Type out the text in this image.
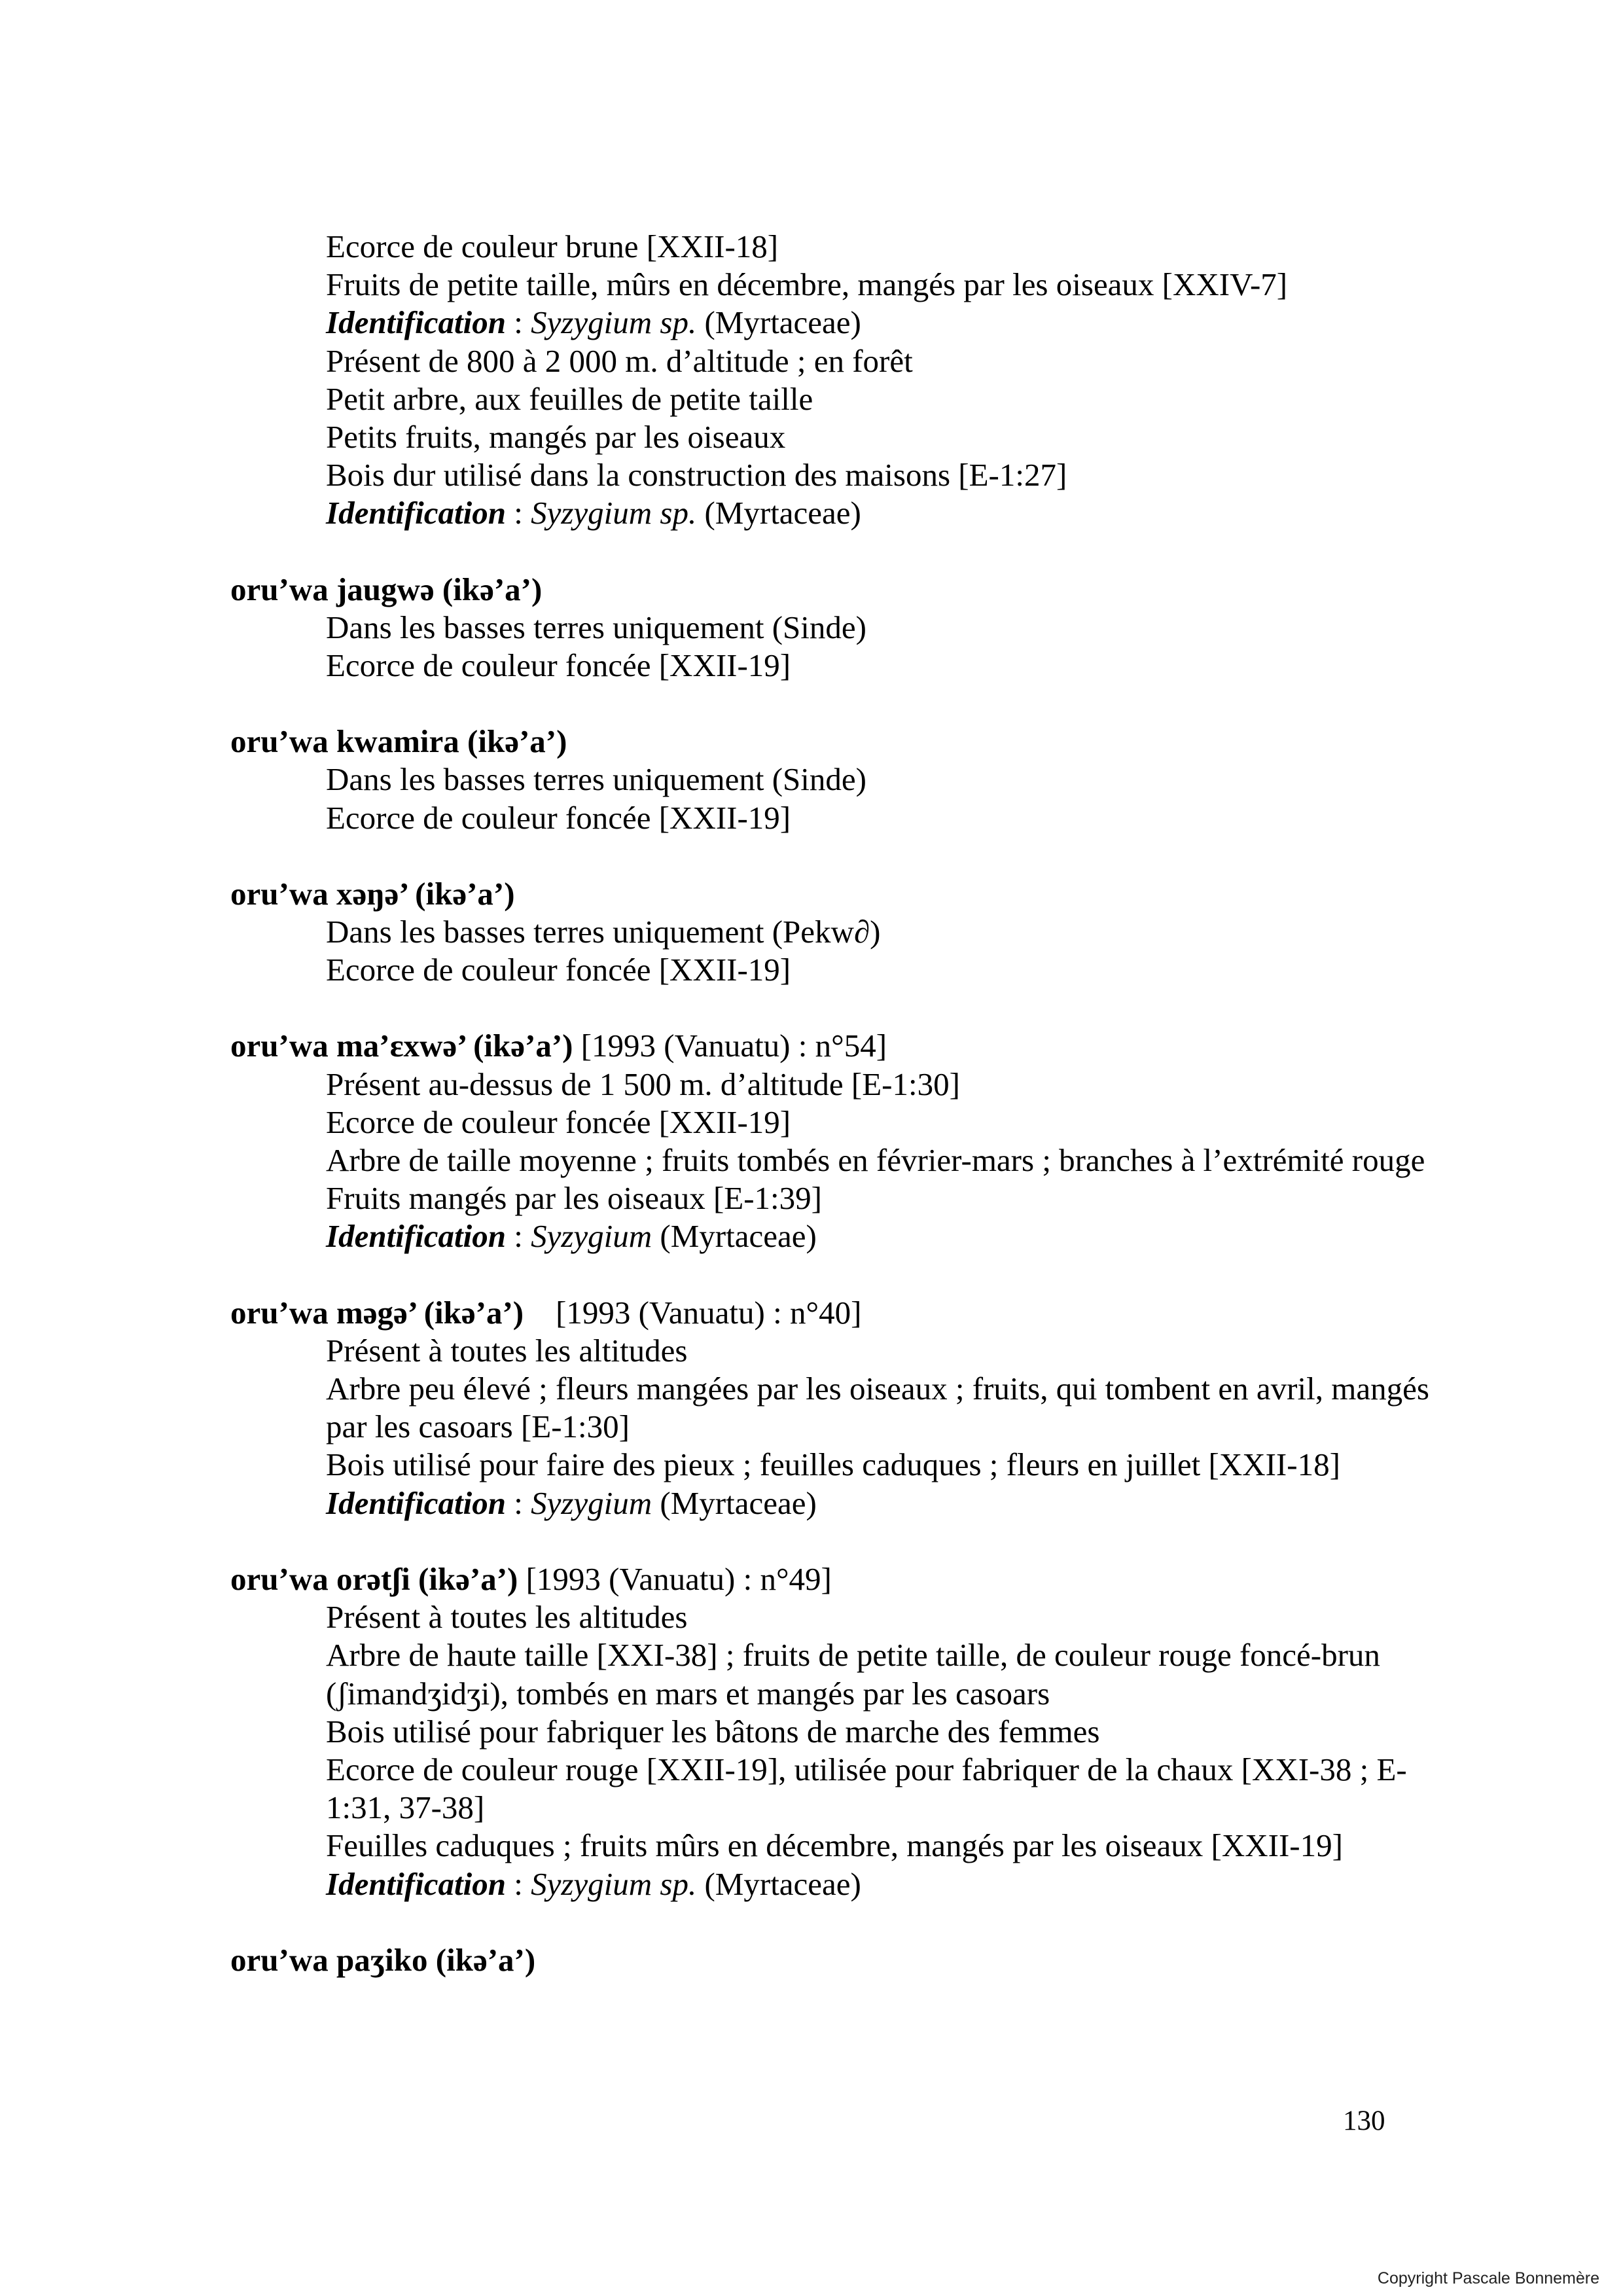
Ecorce de couleur brune [XXII-18]
Fruits de petite taille, mûrs en décembre, mangés par les oiseaux [XXIV-7]
Identification : Syzygium sp. (Myrtaceae)
Présent de 800 à 2 000 m. d’altitude ; en forêt
Petit arbre, aux feuilles de petite taille
Petits fruits, mangés par les oiseaux
Bois dur utilisé dans la construction des maisons [E-1:27]
Identification : Syzygium sp. (Myrtaceae)
oru’wa jaugwə (ikə’a’)
Dans les basses terres uniquement (Sinde)
Ecorce de couleur foncée [XXII-19]
oru’wa kwamira (ikə’a’)
Dans les basses terres uniquement (Sinde)
Ecorce de couleur foncée [XXII-19]
oru’wa xəŋə’ (ikə’a’)
Dans les basses terres uniquement (Pekw∂)
Ecorce de couleur foncée [XXII-19]
oru’wa ma’ɛxwə’ (ikə’a’) [1993 (Vanuatu) : n°54]
Présent au-dessus de 1 500 m. d’altitude [E-1:30]
Ecorce de couleur foncée [XXII-19]
Arbre de taille moyenne ; fruits tombés en février-mars ; branches à l’extrémité rouge
Fruits mangés par les oiseaux [E-1:39]
Identification : Syzygium (Myrtaceae)
oru’wa məgə’ (ikə’a’)    [1993 (Vanuatu) : n°40]
Présent à toutes les altitudes
Arbre peu élevé ; fleurs mangées par les oiseaux ; fruits, qui tombent en avril, mangés par les casoars [E-1:30]
Bois utilisé pour faire des pieux ; feuilles caduques ; fleurs en juillet [XXII-18]
Identification : Syzygium (Myrtaceae)
oru’wa orətʃi (ikə’a’) [1993 (Vanuatu) : n°49]
Présent à toutes les altitudes
Arbre de haute taille [XXI-38] ; fruits de petite taille, de couleur rouge foncé-brun (ʃimandʒidʒi), tombés en mars et mangés par les casoars
Bois utilisé pour fabriquer les bâtons de marche des femmes
Ecorce de couleur rouge [XXII-19], utilisée pour fabriquer de la chaux [XXI-38 ; E-1:31, 37-38]
Feuilles caduques ; fruits mûrs en décembre, mangés par les oiseaux [XXII-19]
Identification : Syzygium sp. (Myrtaceae)
oru’wa paʒiko (ikə’a’)
130
Copyright Pascale Bonnemère
